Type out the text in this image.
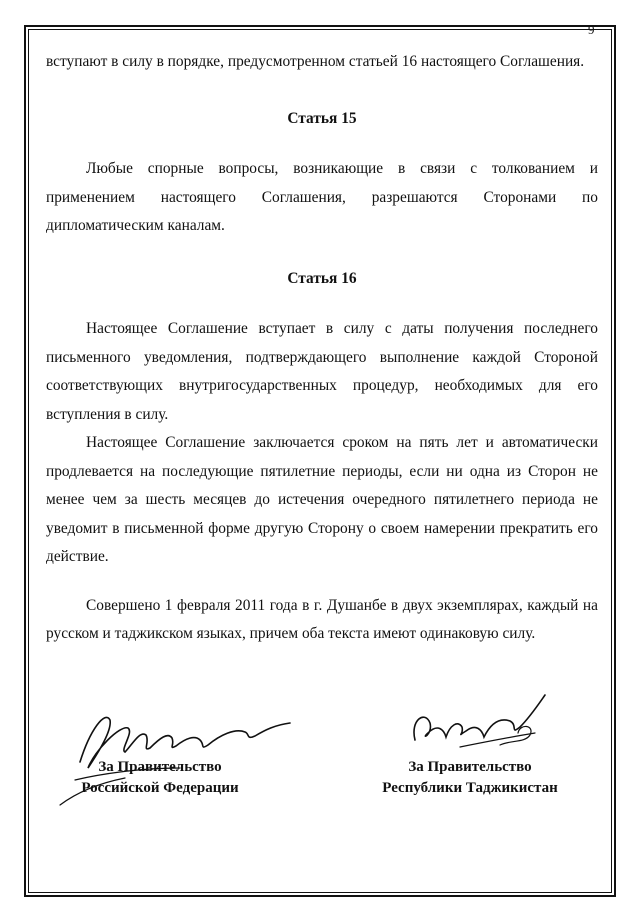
9

вступают в силу в порядке, предусмотренном статьей 16 настоящего Соглашения.

Статья 15

Любые спорные вопросы, возникающие в связи с толкованием и применением настоящего Соглашения, разрешаются Сторонами по дипломатическим каналам.

Статья 16

Настоящее Соглашение вступает в силу с даты получения последнего письменного уведомления, подтверждающего выполнение каждой Стороной соответствующих внутригосударственных процедур, необходимых для его вступления в силу.

Настоящее Соглашение заключается сроком на пять лет и автоматически продлевается на последующие пятилетние периоды, если ни одна из Сторон не менее чем за шесть месяцев до истечения очередного пятилетнего периода не уведомит в письменной форме другую Сторону о своем намерении прекратить его действие.

Совершено 1 февраля 2011 года в г. Душанбе в двух экземплярах, каждый на русском и таджикском языках, причем оба текста имеют одинаковую силу.

За Правительство
Российской Федерации
За Правительство
Республики Таджикистан
